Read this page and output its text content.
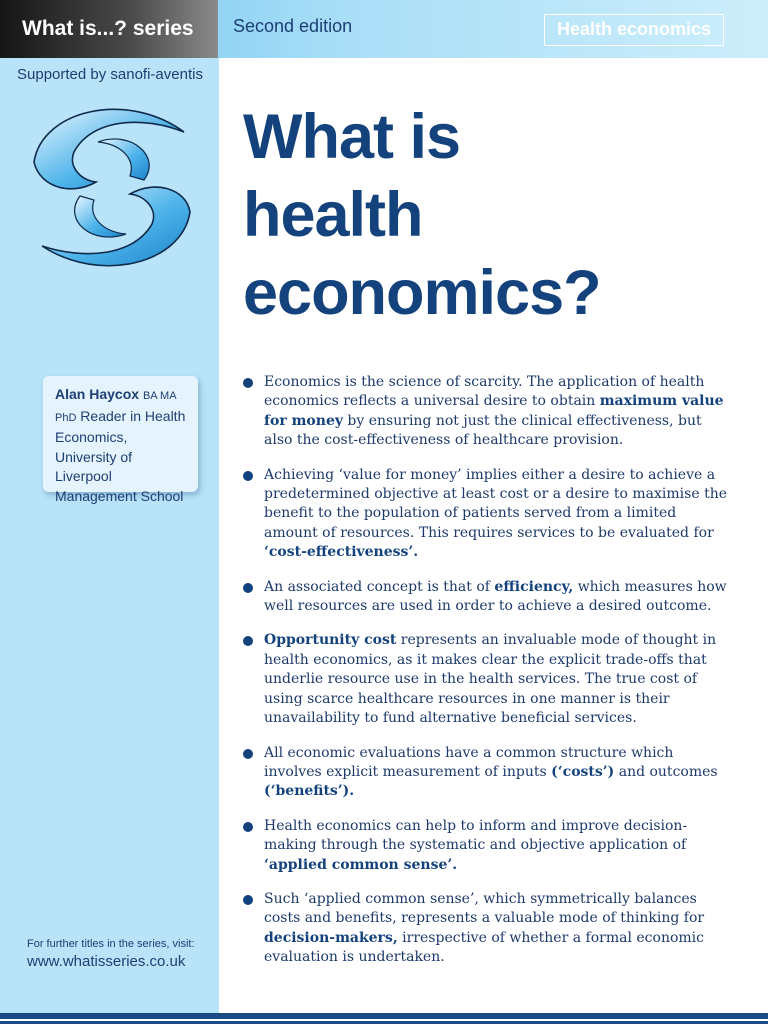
What is...? series	Second edition	Health economics
Supported by sanofi-aventis
Alan Haycox BA MA PhD Reader in Health Economics, University of Liverpool Management School
For further titles in the series, visit:
www.whatisseries.co.uk
What is
health
economics?
Economics is the science of scarcity. The application of health economics reflects a universal desire to obtain maximum value for money by ensuring not just the clinical effectiveness, but also the cost-effectiveness of healthcare provision.
Achieving ‘value for money’ implies either a desire to achieve a predetermined objective at least cost or a desire to maximise the benefit to the population of patients served from a limited amount of resources. This requires services to be evaluated for ‘cost-effectiveness’.
An associated concept is that of efficiency, which measures how well resources are used in order to achieve a desired outcome.
Opportunity cost represents an invaluable mode of thought in health economics, as it makes clear the explicit trade-offs that underlie resource use in the health services. The true cost of using scarce healthcare resources in one manner is their unavailability to fund alternative beneficial services.
All economic evaluations have a common structure which involves explicit measurement of inputs (‘costs’) and outcomes (‘benefits’).
Health economics can help to inform and improve decision-making through the systematic and objective application of ‘applied common sense’.
Such ‘applied common sense’, which symmetrically balances costs and benefits, represents a valuable mode of thinking for decision-makers, irrespective of whether a formal economic evaluation is undertaken.
